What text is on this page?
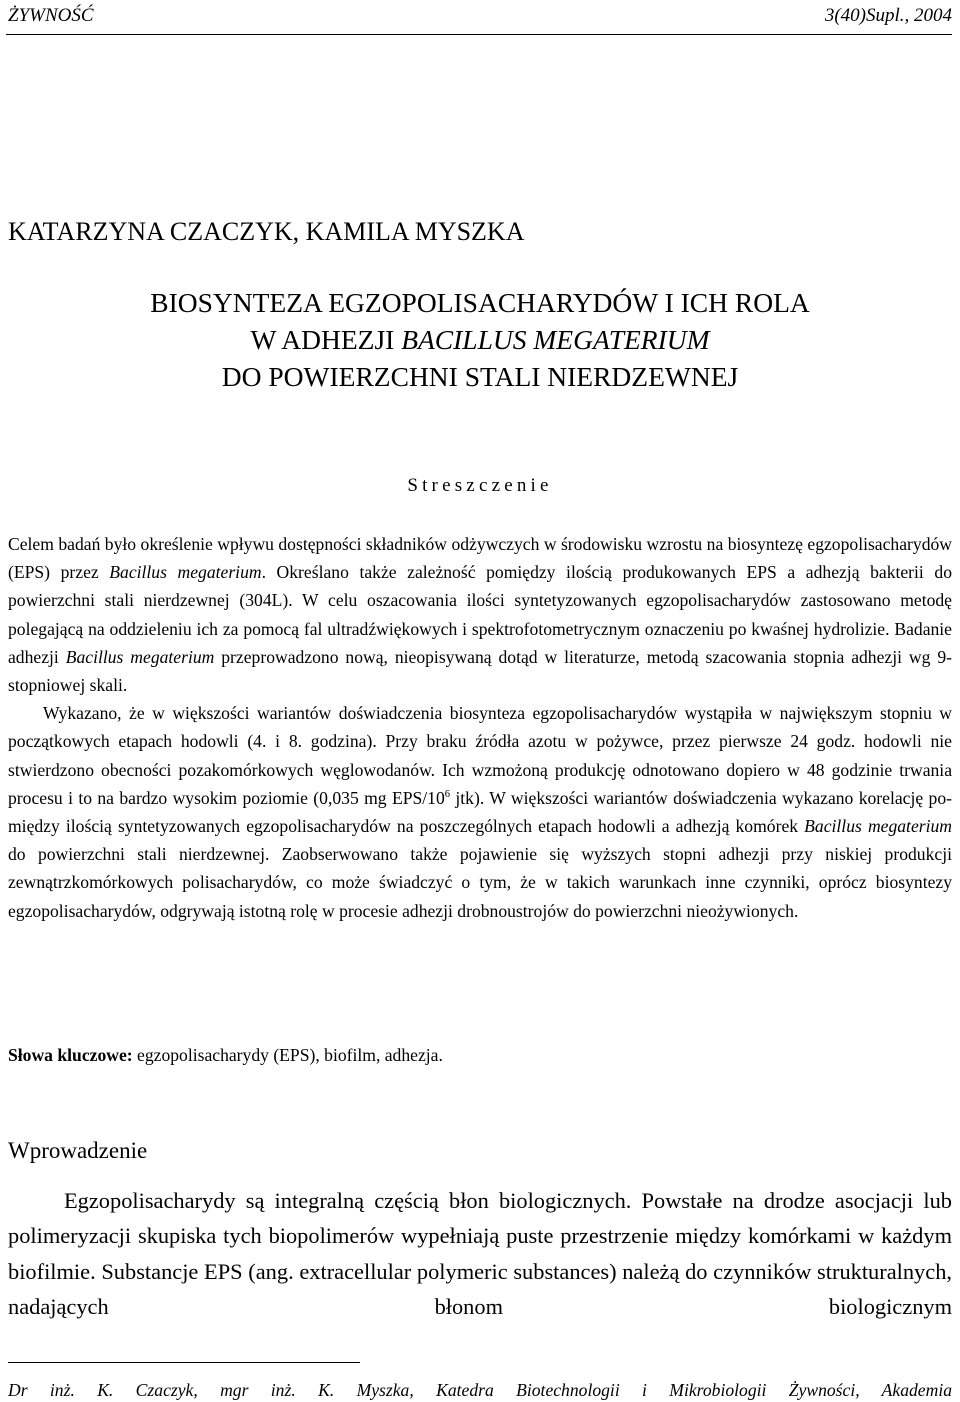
ŻYWNOŚĆ	3(40)Supl., 2004
KATARZYNA CZACZYK, KAMILA MYSZKA
BIOSYNTEZA EGZOPOLISACHARYDÓW I ICH ROLA
W ADHEZJI BACILLUS MEGATERIUM
DO POWIERZCHNI STALI NIERDZEWNEJ
Streszczenie

Celem badań było określenie wpływu dostępności składników odżywczych w środowisku wzrostu na biosyntezę egzopolisacharydów (EPS) przez Bacillus megaterium. Określano także zależność pomiędzy ilością produkowanych EPS a adhezją bakterii do powierzchni stali nierdzewnej (304L). W celu oszacowania ilości syntetyzowanych egzopolisacharydów zastosowano metodę polegającą na oddzieleniu ich za pomocą fal ultradźwiękowych i spektrofotometrycznym oznaczeniu po kwaśnej hydrolizie. Badanie adhezji Bacillus megaterium przeprowadzono nową, nieopisywaną dotąd w literaturze, metodą szacowania stopnia adhezji wg 9-stopniowej skali.

Wykazano, że w większości wariantów doświadczenia biosynteza egzopolisacharydów wystąpiła w największym stopniu w początkowych etapach hodowli (4. i 8. godzina). Przy braku źródła azotu w pożywce, przez pierwsze 24 godz. hodowli nie stwierdzono obecności pozakomórkowych węglowodanów. Ich wzmożoną produkcję odnotowano dopiero w 48 godzinie trwania procesu i to na bardzo wysokim poziomie (0,035 mg EPS/$10^6$ jtk). W większości wariantów doświadczenia wykazano korelację pomiędzy ilością syntetyzowanych egzopolisacharydów na poszczególnych etapach hodowli a adhezją komórek Bacillus megaterium do powierzchni stali nierdzewnej. Zaobserwowano także pojawienie się wyższych stopni adhezji przy niskiej produkcji zewnątrzkomórkowych polisacharydów, co może świadczyć o tym, że w takich warunkach inne czynniki, oprócz biosyntezy egzopolisacharydów, odgrywają istotną rolę w procesie adhezji drobnoustrojów do powierzchni nieożywionych.

Słowa kluczowe: egzopolisacharydy (EPS), biofilm, adhezja.
Wprowadzenie

Egzopolisacharydy są integralną częścią błon biologicznych. Powstałe na drodze asocjacji lub polimeryzacji skupiska tych biopolimerów wypełniają puste przestrzenie między komórkami w każdym biofilmie. Substancje EPS (ang. extracellular polymeric substances) należą do czynników strukturalnych, nadających błonom biologicznym

Dr inż. K. Czaczyk, mgr inż. K. Myszka, Katedra Biotechnologii i Mikrobiologii Żywności, Akademia
